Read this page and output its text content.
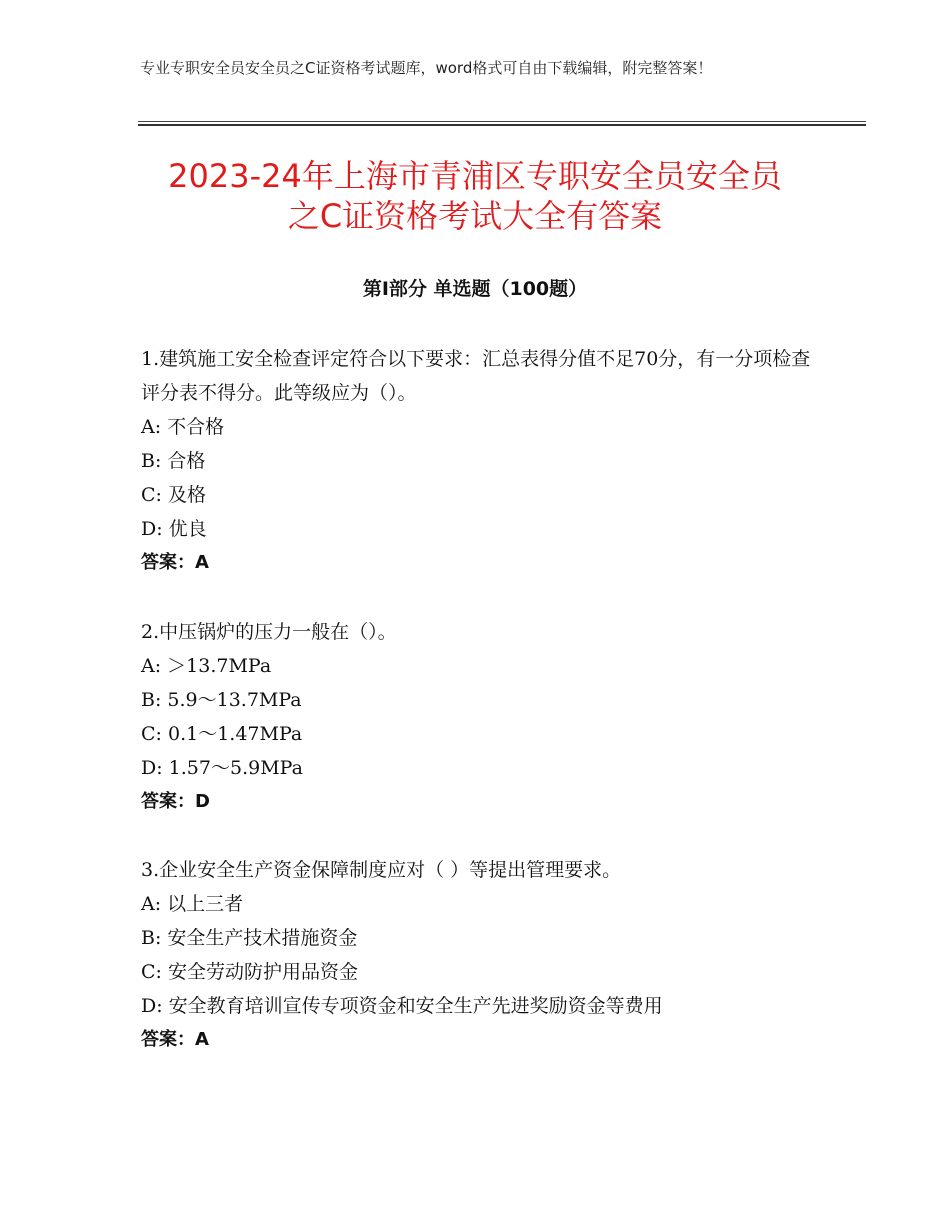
专业专职安全员安全员之C证资格考试题库，word格式可自由下载编辑，附完整答案！
2023-24年上海市青浦区专职安全员安全员
之C证资格考试大全有答案
第Ⅰ部分 单选题（100题）
1.建筑施工安全检查评定符合以下要求：汇总表得分值不足70分，有一分项检查评分表不得分。此等级应为（）。
A: 不合格
B: 合格
C: 及格
D: 优良
答案：A
2.中压锅炉的压力一般在（）。
A: ＞13.7MPa
B: 5.9～13.7MPa
C: 0.1～1.47MPa
D: 1.57～5.9MPa
答案：D
3.企业安全生产资金保障制度应对（ ）等提出管理要求。
A: 以上三者
B: 安全生产技术措施资金
C: 安全劳动防护用品资金
D: 安全教育培训宣传专项资金和安全生产先进奖励资金等费用
答案：A
